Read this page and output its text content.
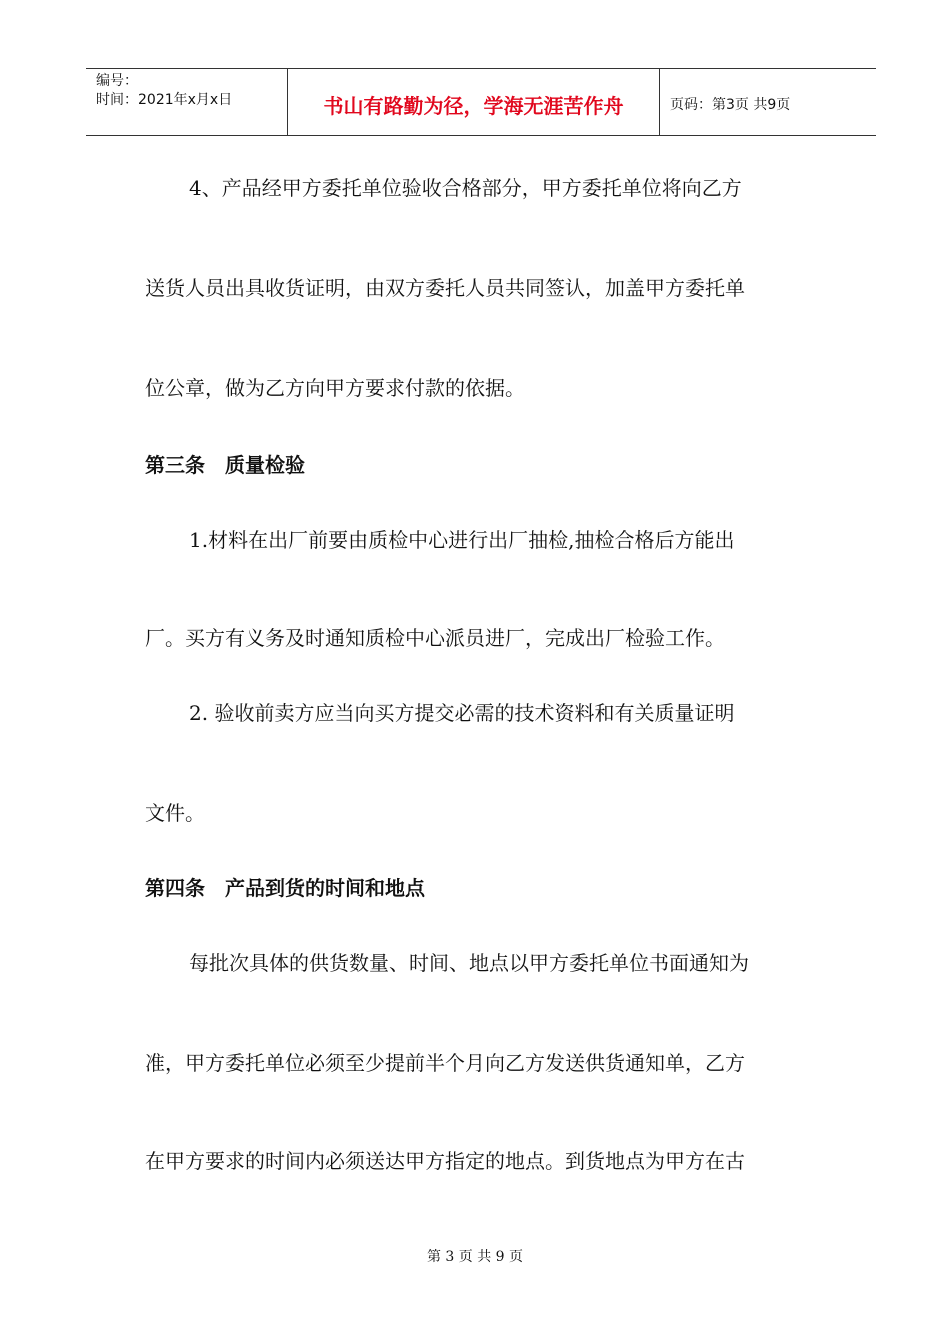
编号：
时间：2021年x月x日	书山有路勤为径，学海无涯苦作舟	页码：第3页 共9页

4、产品经甲方委托单位验收合格部分，甲方委托单位将向乙方

送货人员出具收货证明，由双方委托人员共同签认，加盖甲方委托单

位公章，做为乙方向甲方要求付款的依据。

第三条　质量检验

1.材料在出厂前要由质检中心进行出厂抽检,抽检合格后方能出

厂。买方有义务及时通知质检中心派员进厂，完成出厂检验工作。

2. 验收前卖方应当向买方提交必需的技术资料和有关质量证明

文件。

第四条　产品到货的时间和地点

每批次具体的供货数量、时间、地点以甲方委托单位书面通知为

准，甲方委托单位必须至少提前半个月向乙方发送供货通知单，乙方

在甲方要求的时间内必须送达甲方指定的地点。到货地点为甲方在古

第 3 页 共 9 页
